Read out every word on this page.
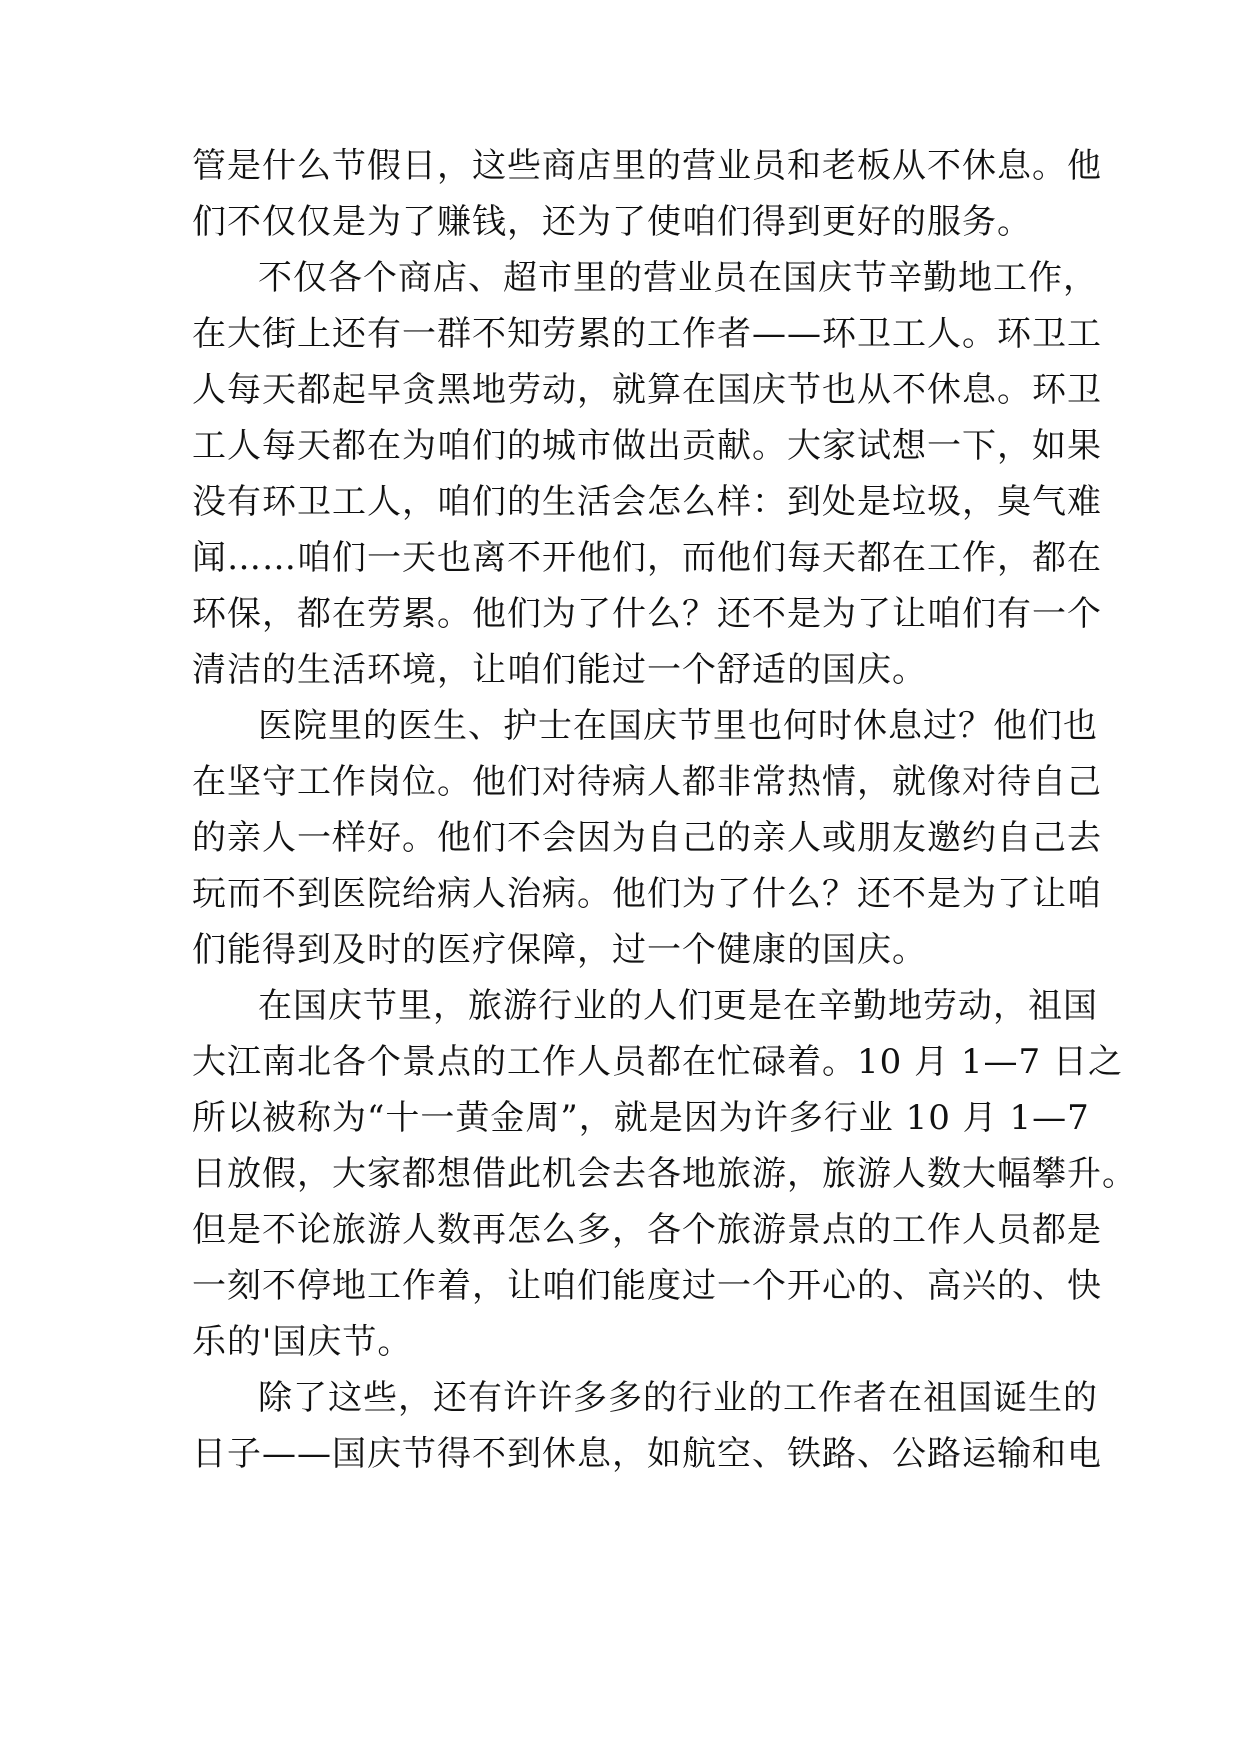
管是什么节假日，这些商店里的营业员和老板从不休息。他
们不仅仅是为了赚钱，还为了使咱们得到更好的服务。
不仅各个商店、超市里的营业员在国庆节辛勤地工作，
在大街上还有一群不知劳累的工作者——环卫工人。环卫工
人每天都起早贪黑地劳动，就算在国庆节也从不休息。环卫
工人每天都在为咱们的城市做出贡献。大家试想一下，如果
没有环卫工人，咱们的生活会怎么样：到处是垃圾，臭气难
闻……咱们一天也离不开他们，而他们每天都在工作，都在
环保，都在劳累。他们为了什么？还不是为了让咱们有一个
清洁的生活环境，让咱们能过一个舒适的国庆。
医院里的医生、护士在国庆节里也何时休息过？他们也
在坚守工作岗位。他们对待病人都非常热情，就像对待自己
的亲人一样好。他们不会因为自己的亲人或朋友邀约自己去
玩而不到医院给病人治病。他们为了什么？还不是为了让咱
们能得到及时的医疗保障，过一个健康的国庆。
在国庆节里，旅游行业的人们更是在辛勤地劳动，祖国
大江南北各个景点的工作人员都在忙碌着。10 月 1—7 日之
所以被称为“十一黄金周”，就是因为许多行业 10 月 1—7
日放假，大家都想借此机会去各地旅游，旅游人数大幅攀升。
但是不论旅游人数再怎么多，各个旅游景点的工作人员都是
一刻不停地工作着，让咱们能度过一个开心的、高兴的、快
乐的'国庆节。
除了这些，还有许许多多的行业的工作者在祖国诞生的
日子——国庆节得不到休息，如航空、铁路、公路运输和电
